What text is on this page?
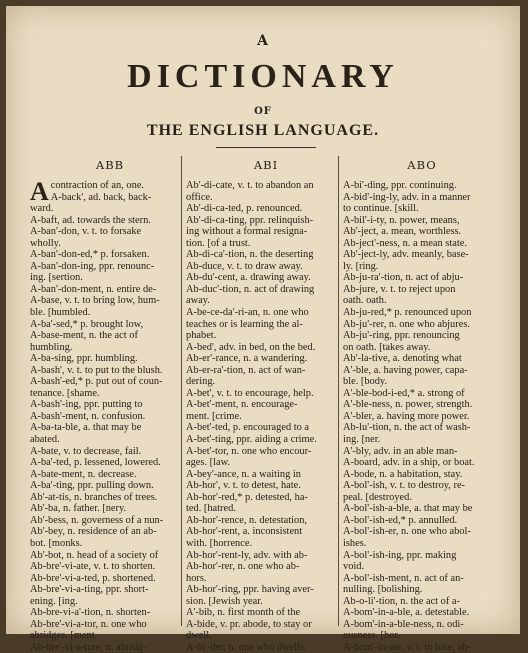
A
DICTIONARY
OF
THE ENGLISH LANGUAGE.
ABB	ABI	ABO
A contraction of an, one.

A-back', ad. back, back-

ward.

A-baft, ad. towards the stern.

A-ban'-don, v. t. to forsake

wholly.

A-ban'-don-ed,* p. forsaken.

A-ban'-don-ing, ppr. renounc-

ing. [sertion.

A-ban'-don-ment, n. entire de-

A-base, v. t. to bring low, hum-

ble. [humbled.

A-ba'-sed,* p. brought low,

A-base-ment, n. the act of

humbling.

A-ba-sing, ppr. humbling.

A-bash', v. t. to put to the blush.

A-bash'-ed,* p. put out of coun-

tenance. [shame.

A-bash'-ing, ppr. putting to

A-bash'-ment, n. confusion.

A-ba-ta-ble, a. that may be

abated.

A-bate, v. to decrease, fail.

A-ba'-ted, p. lessened, lowered.

A-bate-ment, n. decrease.

A-ba'-ting, ppr. pulling down.

Ab'-at-tis, n. branches of trees.

Ab'-ba, n. father. [nery.

Ab'-bess, n. governess of a nun-

Ab'-bey, n. residence of an ab-

bot. [monks.

Ab'-bot, n. head of a society of

Ab-bre'-vi-ate, v. t. to shorten.

Ab-bre'-vi-a-ted, p. shortened.

Ab-bre'-vi-a-ting, ppr. short-

ening. [ing.

Ab-bre-vi-a'-tion, n. shorten-

Ab-bre'-vi-a-tor, n. one who

abridges. [ment.

Ab-bre'-vi-a-ture, n. abridg-

Ab'-di-cate, v. t. to abandon an

office.

Ab'-di-ca-ted, p. renounced.

Ab'-di-ca-ting, ppr. relinquish-

ing without a formal resigna-

tion. [of a trust.

Ab-di-ca'-tion, n. the deserting

Ab-duce, v. t. to draw away.

Ab-du'-cent, a. drawing away.

Ab-duc'-tion, n. act of drawing

away.

A-be-ce-da'-ri-an, n. one who

teaches or is learning the al-

phabet.

A-bed', adv. in bed, on the bed.

Ab-er'-rance, n. a wandering.

Ab-er-ra'-tion, n. act of wan-

dering.

A-bet', v. t. to encourage, help.

A-bet'-ment, n. encourage-

ment. [crime.

A-bet'-ted, p. encouraged to a

A-bet'-ting, ppr. aiding a crime.

A-bet'-tor, n. one who encour-

ages. [law.

A-bey'-ance, n. a waiting in

Ab-hor', v. t. to detest, hate.

Ab-hor'-red,* p. detested, ha-

ted. [hatred.

Ab-hor'-rence, n. detestation,

Ab-hor'-rent, a. inconsistent

with. [horrence.

Ab-hor'-rent-ly, adv. with ab-

Ab-hor'-rer, n. one who ab-

hors.

Ab-hor'-ring, ppr. having aver-

sion. [Jewish year.

A'-bib, n. first month of the

A-bide, v. pr. abode, to stay or

dwell.

A-bi'-der, n. one who dwells.

A-bi'-ding, ppr. continuing.

A-bid'-ing-ly, adv. in a manner

to continue. [skill.

A-bil'-i-ty, n. power, means,

Ab'-ject, a. mean, worthless.

Ab-ject'-ness, n. a mean state.

Ab'-ject-ly, adv. meanly, base-

ly. [ring.

Ab-ju-ra'-tion, n. act of abju-

Ab-jure, v. t. to reject upon

oath. oath.

Ab-ju-red,* p. renounced upon

Ab-ju'-rer, n. one who abjures.

Ab-ju'-ring, ppr. renouncing

on oath. [takes away.

Ab'-la-tive, a. denoting what

A'-ble, a. having power, capa-

ble. [body.

A'-ble-bod-i-ed,* a. strong of

A'-ble-ness, n. power, strength.

A'-bler, a. having more power.

Ab-lu'-tion, n. the act of wash-

ing. [ner.

A'-bly, adv. in an able man-

A-board, adv. in a ship, or boat.

A-bode, n. a habitation, stay.

A-bol'-ish, v. t. to destroy, re-

peal. [destroyed.

A-bol'-ish-a-ble, a. that may be

A-bol'-ish-ed,* p. annulled.

A-bol'-ish-er, n. one who abol-

ishes.

A-bol'-ish-ing, ppr. making

void.

A-bol'-ish-ment, n. act of an-

nulling. [bolishing.

Ab-o-li'-tion, n. the act of a-

A-bom'-in-a-ble, a. detestable.

A-bom'-in-a-ble-ness, n. odi-

ousness. [hor.

A-bom'-in-ate, v. t. to hate, ab-
